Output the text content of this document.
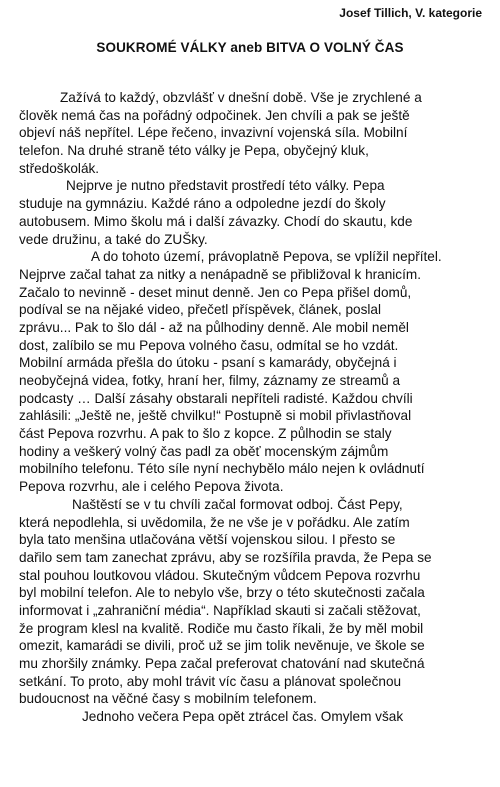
Josef Tillich, V. kategorie
SOUKROMÉ VÁLKY aneb BITVA O VOLNÝ ČAS
Zažívá to každý, obzvlášť v dnešní době. Vše je zrychlené a
člověk nemá čas na pořádný odpočinek. Jen chvíli a pak se ještě
objeví náš nepřítel. Lépe řečeno, invazivní vojenská síla. Mobilní
telefon. Na druhé straně této války je Pepa, obyčejný kluk,
středoškolák.
Nejprve je nutno představit prostředí této války. Pepa
studuje na gymnáziu. Každé ráno a odpoledne jezdí do školy
autobusem. Mimo školu má i další závazky. Chodí do skautu, kde
vede družinu, a také do ZUŠky.
A do tohoto území, právoplatně Pepova, se vplížil nepřítel.
Nejprve začal tahat za nitky a nenápadně se přibližoval k hranicím.
Začalo to nevinně - deset minut denně. Jen co Pepa přišel domů,
podíval se na nějaké video, přečetl příspěvek, článek, poslal
zprávu... Pak to šlo dál - až na půlhodiny denně. Ale mobil neměl
dost, zalíbilo se mu Pepova volného času, odmítal se ho vzdát.
Mobilní armáda přešla do útoku - psaní s kamarády, obyčejná i
neobyčejná videa, fotky, hraní her, filmy, záznamy ze streamů a
podcasty … Další zásahy obstarali nepříteli radisté. Každou chvíli
zahlásili: „Ještě ne, ještě chvilku!“ Postupně si mobil přivlastňoval
část Pepova rozvrhu. A pak to šlo z kopce. Z půlhodin se staly
hodiny a veškerý volný čas padl za oběť mocenským zájmům
mobilního telefonu. Této síle nyní nechybělo málo nejen k ovládnutí
Pepova rozvrhu, ale i celého Pepova života.
Naštěstí se v tu chvíli začal formovat odboj. Část Pepy,
která nepodlehla, si uvědomila, že ne vše je v pořádku. Ale zatím
byla tato menšina utlačována větší vojenskou silou. I přesto se
dařilo sem tam zanechat zprávu, aby se rozšířila pravda, že Pepa se
stal pouhou loutkovou vládou. Skutečným vůdcem Pepova rozvrhu
byl mobilní telefon. Ale to nebylo vše, brzy o této skutečnosti začala
informovat i „zahraniční média“. Například skauti si začali stěžovat,
že program klesl na kvalitě. Rodiče mu často říkali, že by měl mobil
omezit, kamarádi se divili, proč už se jim tolik nevěnuje, ve škole se
mu zhoršily známky. Pepa začal preferovat chatování nad skutečná
setkání. To proto, aby mohl trávit víc času a plánovat společnou
budoucnost na věčné časy s mobilním telefonem.
Jednoho večera Pepa opět ztrácel čas. Omylem však
